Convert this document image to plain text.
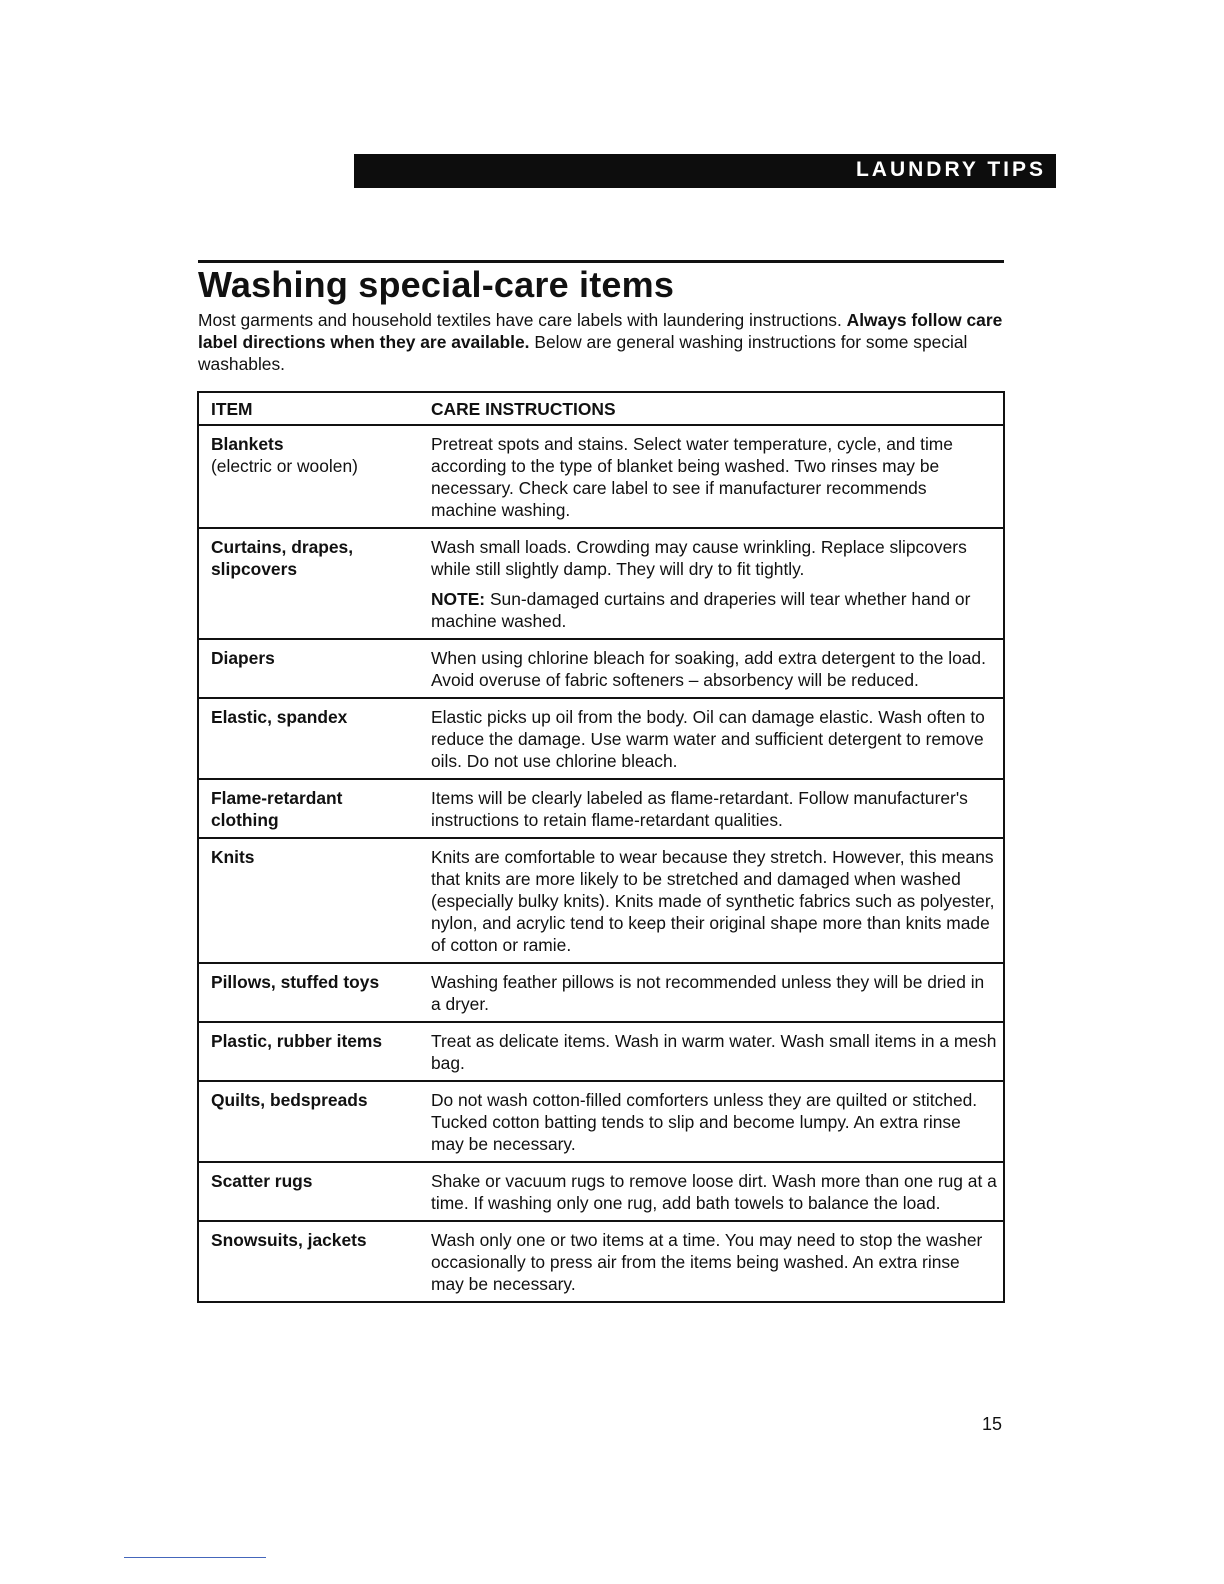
LAUNDRY TIPS
Washing special-care items

Most garments and household textiles have care labels with laundering instructions. Always follow care label directions when they are available. Below are general washing instructions for some special washables.

ITEM	CARE INSTRUCTIONS

Blankets
(electric or woolen)	Pretreat spots and stains. Select water temperature, cycle, and time according to the type of blanket being washed. Two rinses may be necessary. Check care label to see if manufacturer recommends machine washing.

Curtains, drapes, slipcovers	Wash small loads. Crowding may cause wrinkling. Replace slipcovers while still slightly damp. They will dry to fit tightly.

NOTE: Sun-damaged curtains and draperies will tear whether hand or machine washed.

Diapers	When using chlorine bleach for soaking, add extra detergent to the load. Avoid overuse of fabric softeners – absorbency will be reduced.

Elastic, spandex	Elastic picks up oil from the body. Oil can damage elastic. Wash often to reduce the damage. Use warm water and sufficient detergent to remove oils. Do not use chlorine bleach.

Flame-retardant clothing	Items will be clearly labeled as flame-retardant. Follow manufacturer's instructions to retain flame-retardant qualities.

Knits	Knits are comfortable to wear because they stretch. However, this means that knits are more likely to be stretched and damaged when washed (especially bulky knits). Knits made of synthetic fabrics such as polyester, nylon, and acrylic tend to keep their original shape more than knits made of cotton or ramie.

Pillows, stuffed toys	Washing feather pillows is not recommended unless they will be dried in a dryer.

Plastic, rubber items	Treat as delicate items. Wash in warm water. Wash small items in a mesh bag.

Quilts, bedspreads	Do not wash cotton-filled comforters unless they are quilted or stitched. Tucked cotton batting tends to slip and become lumpy. An extra rinse may be necessary.

Scatter rugs	Shake or vacuum rugs to remove loose dirt. Wash more than one rug at a time. If washing only one rug, add bath towels to balance the load.

Snowsuits, jackets	Wash only one or two items at a time. You may need to stop the washer occasionally to press air from the items being washed. An extra rinse may be necessary.

15
